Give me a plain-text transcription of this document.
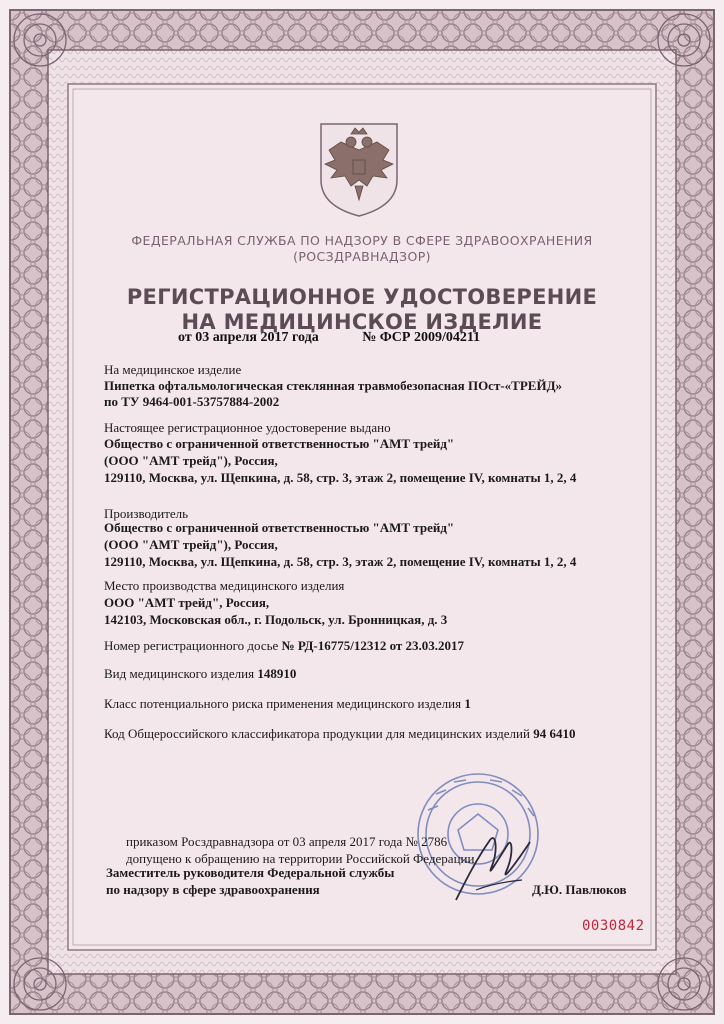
ФЕДЕРАЛЬНАЯ СЛУЖБА ПО НАДЗОРУ В СФЕРЕ ЗДРАВООХРАНЕНИЯ
(РОСЗДРАВНАДЗОР)
РЕГИСТРАЦИОННОЕ УДОСТОВЕРЕНИЕ
НА МЕДИЦИНСКОЕ ИЗДЕЛИЕ
от 03 апреля 2017 года	№ ФСР 2009/04211
На медицинское изделие
Пипетка офтальмологическая стеклянная травмобезопасная ПОст-«ТРЕЙД»
по ТУ 9464-001-53757884-2002
Настоящее регистрационное удостоверение выдано
Общество с ограниченной ответственностью "АМТ трейд"
(ООО "АМТ трейд"), Россия,
129110, Москва, ул. Щепкина, д. 58, стр. 3, этаж 2, помещение IV, комнаты 1, 2, 4
Производитель
Общество с ограниченной ответственностью "АМТ трейд"
(ООО "АМТ трейд"), Россия,
129110, Москва, ул. Щепкина, д. 58, стр. 3, этаж 2, помещение IV, комнаты 1, 2, 4
Место производства медицинского изделия
ООО "АМТ трейд", Россия,
142103, Московская обл., г. Подольск, ул. Бронницкая, д. 3
Номер регистрационного досье № РД-16775/12312 от 23.03.2017
Вид медицинского изделия 148910
Класс потенциального риска применения медицинского изделия 1
Код Общероссийского классификатора продукции для медицинских изделий 94 6410
приказом Росздравнадзора от 03 апреля 2017 года № 2786
допущено к обращению на территории Российской Федерации.
Заместитель руководителя Федеральной службы
по надзору в сфере здравоохранения	Д.Ю. Павлюков
0030842
